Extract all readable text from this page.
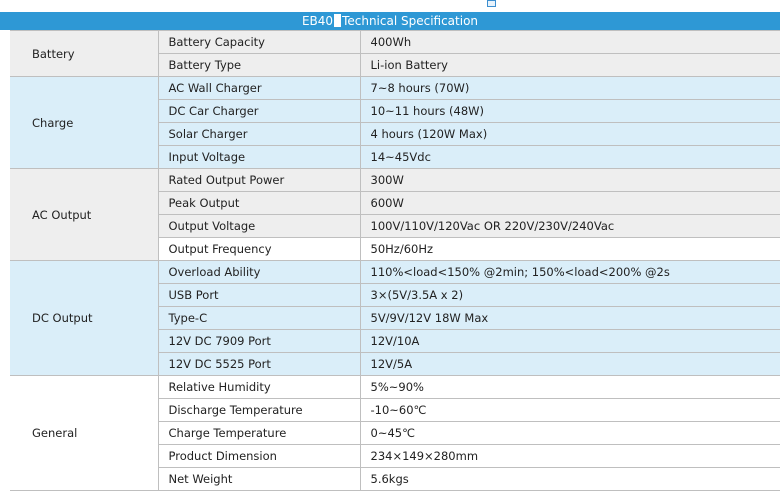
EB40 Technical Specification
Battery	Battery Capacity	400Wh
	Battery Type	Li-ion Battery
Charge	AC Wall Charger	7~8 hours (70W)
	DC Car Charger	10~11 hours (48W)
	Solar Charger	4 hours (120W Max)
	Input Voltage	14~45Vdc
AC Output	Rated Output Power	300W
	Peak Output	600W
	Output Voltage	100V/110V/120Vac OR 220V/230V/240Vac
	Output Frequency	50Hz/60Hz
DC Output	Overload Ability	110%<load<150% @2min; 150%<load<200% @2s
	USB Port	3×(5V/3.5A x 2)
	Type-C	5V/9V/12V 18W Max
	12V DC 7909 Port	12V/10A
	12V DC 5525 Port	12V/5A
General	Relative Humidity	5%~90%
	Discharge Temperature	-10~60℃
	Charge Temperature	0~45℃
	Product Dimension	234×149×280mm
	Net Weight	5.6kgs
